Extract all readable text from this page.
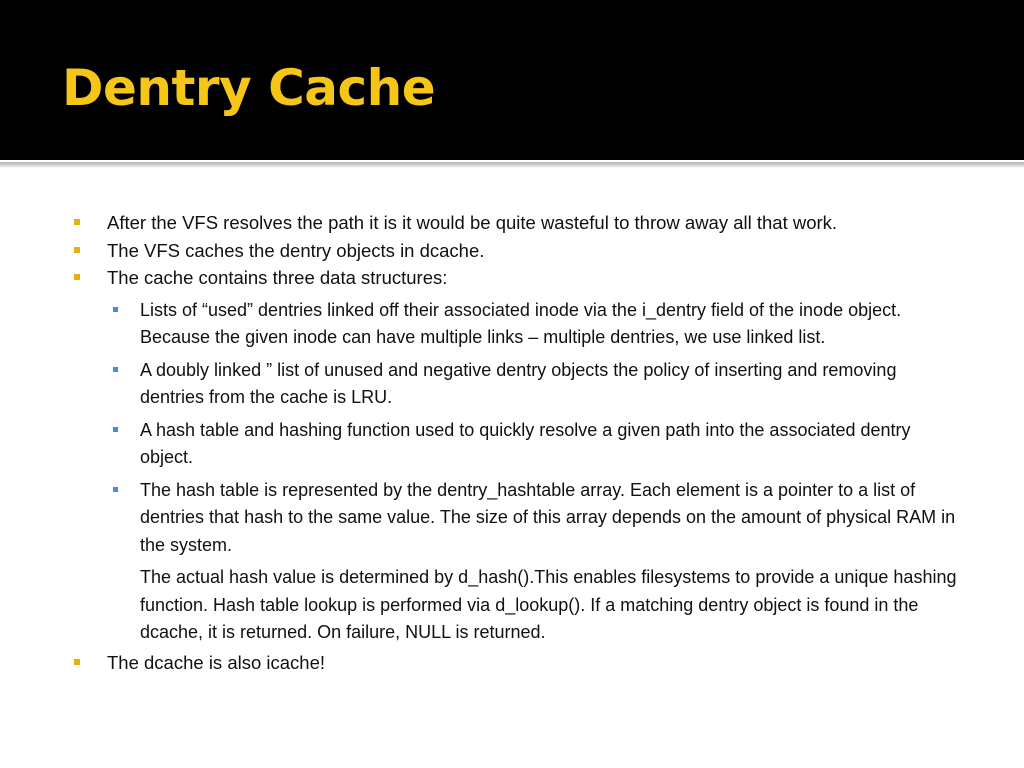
Dentry Cache

After the VFS resolves the path it is it would be quite wasteful to throw away all that work.

The VFS caches the dentry objects in dcache.

The cache contains three data structures:

Lists of “used” dentries linked off their associated inode via the i_dentry field of the inode object. Because the given inode can have multiple links – multiple dentries, we use linked list.

A doubly linked ” list of unused and negative dentry objects the policy of inserting and removing dentries from the cache is LRU.

A hash table and hashing function used to quickly resolve a given path into the associated dentry object.

The hash table is represented by the dentry_hashtable array. Each element is a pointer to a list of dentries that hash to the same value. The size of this array depends on the amount of physical RAM in the system.

The actual hash value is determined by d_hash().This enables filesystems to provide a unique hashing function. Hash table lookup is performed via d_lookup(). If a matching dentry object is found in the dcache, it is returned. On failure, NULL is returned.

The dcache is also icache!
